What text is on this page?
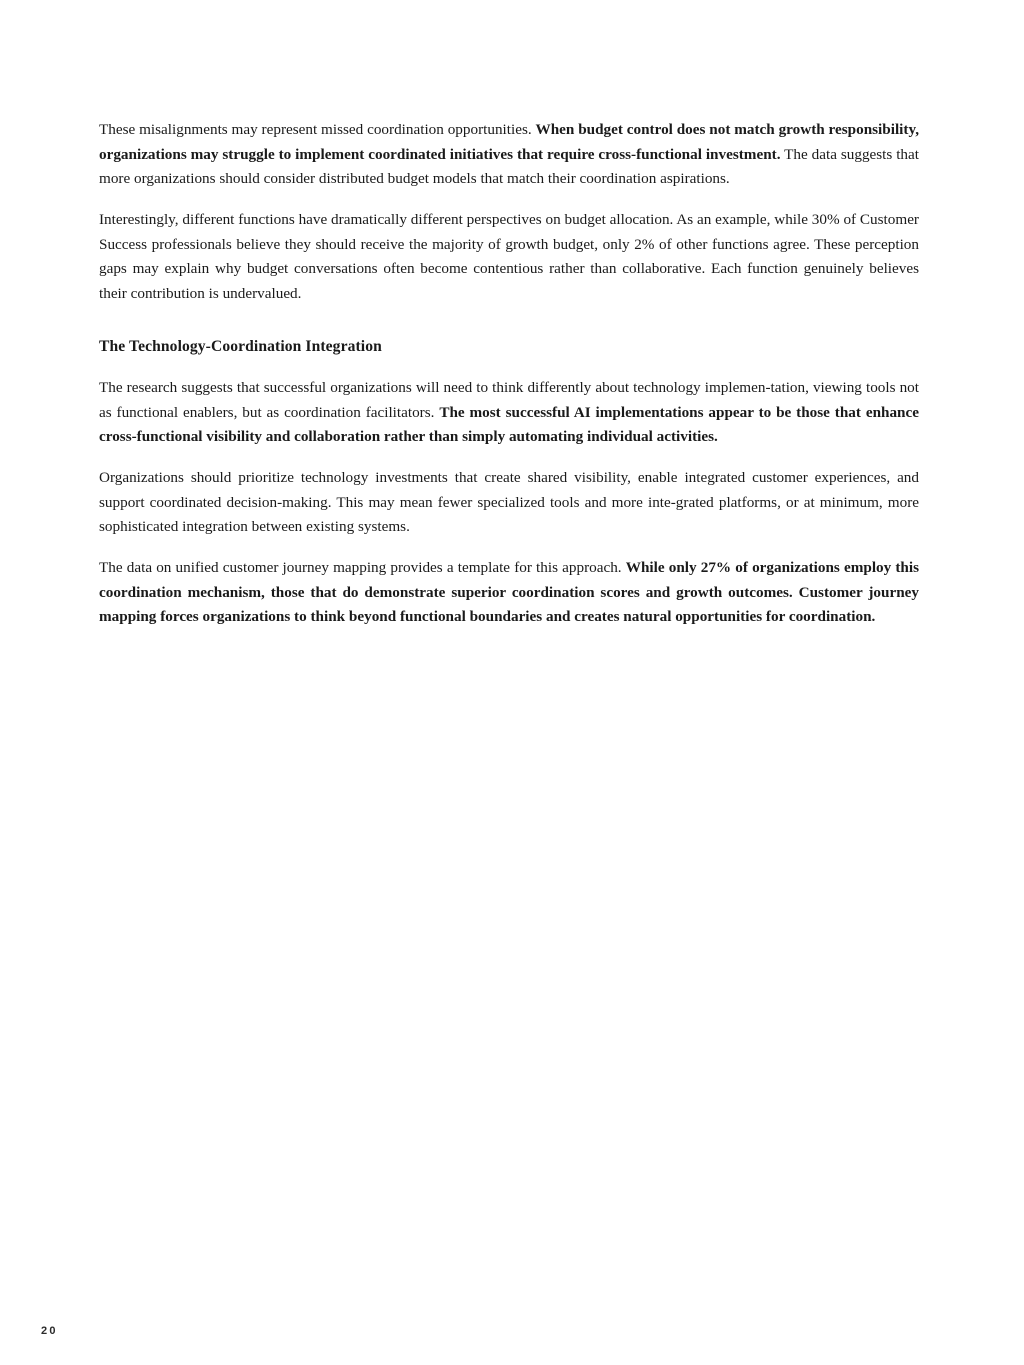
These misalignments may represent missed coordination opportunities. When budget control does not match growth responsibility, organizations may struggle to implement coordinated initiatives that require cross-functional investment. The data suggests that more organizations should consider distributed budget models that match their coordination aspirations.

Interestingly, different functions have dramatically different perspectives on budget allocation. As an example, while 30% of Customer Success professionals believe they should receive the majority of growth budget, only 2% of other functions agree. These perception gaps may explain why budget conversations often become contentious rather than collaborative. Each function genuinely believes their contribution is undervalued.

The Technology-Coordination Integration

The research suggests that successful organizations will need to think differently about technology implemen-tation, viewing tools not as functional enablers, but as coordination facilitators. The most successful AI implementations appear to be those that enhance cross-functional visibility and collaboration rather than simply automating individual activities.

Organizations should prioritize technology investments that create shared visibility, enable integrated customer experiences, and support coordinated decision-making. This may mean fewer specialized tools and more inte-grated platforms, or at minimum, more sophisticated integration between existing systems.

The data on unified customer journey mapping provides a template for this approach. While only 27% of organizations employ this coordination mechanism, those that do demonstrate superior coordination scores and growth outcomes. Customer journey mapping forces organizations to think beyond functional boundaries and creates natural opportunities for coordination.

20
